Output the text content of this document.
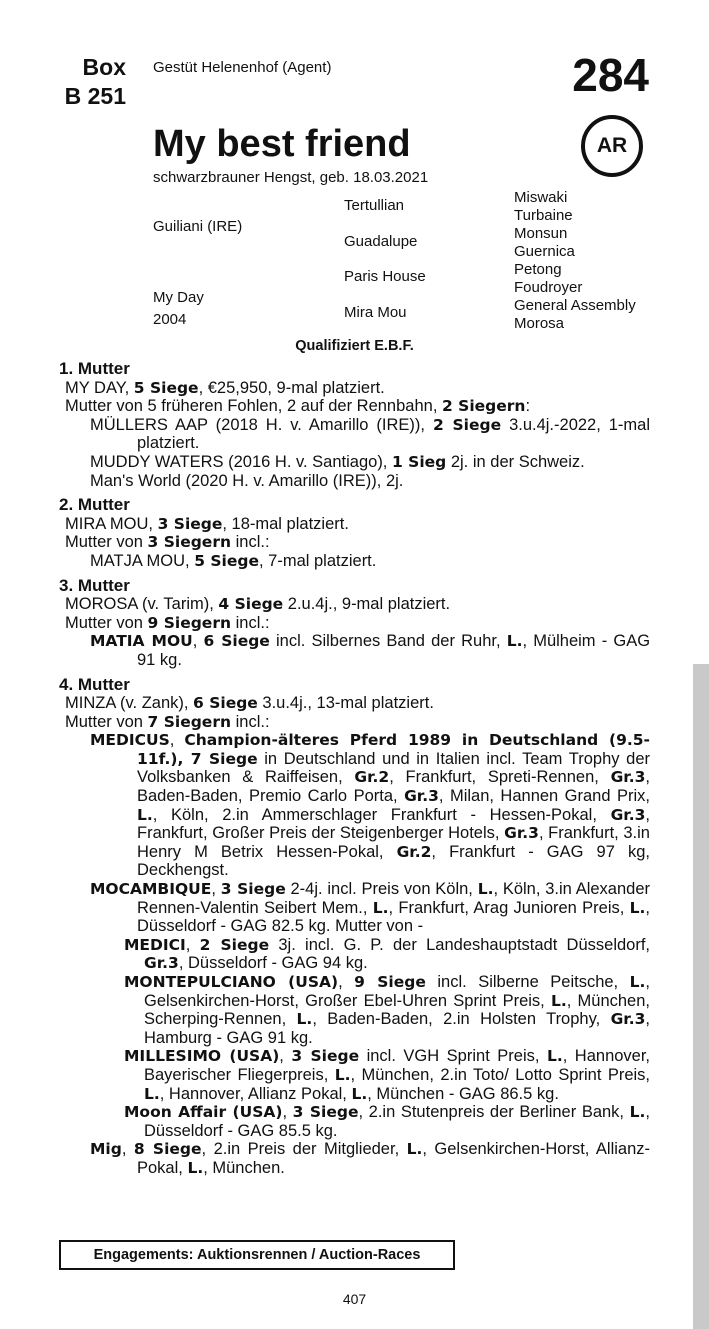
Box
B 251
Gestüt Helenenhof (Agent)	284
My best friend	AR
schwarzbrauner Hengst, geb. 18.03.2021
Guiliani (IRE)
My Day
2004
Tertullian
Guadalupe
Paris House
Mira Mou
Miswaki
Turbaine
Monsun
Guernica
Petong
Foudroyer
General Assembly
Morosa
Qualifiziert E.B.F.
1. Mutter
MY DAY, 5 Siege, €25,950, 9-mal platziert.
Mutter von 5 früheren Fohlen, 2 auf der Rennbahn, 2 Siegern:
MÜLLERS AAP (2018 H. v. Amarillo (IRE)), 2 Siege 3.u.4j.-2022, 1-mal platziert.
MUDDY WATERS (2016 H. v. Santiago), 1 Sieg 2j. in der Schweiz.
Man's World (2020 H. v. Amarillo (IRE)), 2j.
2. Mutter
MIRA MOU, 3 Siege, 18-mal platziert.
Mutter von 3 Siegern incl.:
MATJA MOU, 5 Siege, 7-mal platziert.
3. Mutter
MOROSA (v. Tarim), 4 Siege 2.u.4j., 9-mal platziert.
Mutter von 9 Siegern incl.:
MATIA MOU, 6 Siege incl. Silbernes Band der Ruhr, L., Mülheim - GAG 91 kg.
4. Mutter
MINZA (v. Zank), 6 Siege 3.u.4j., 13-mal platziert.
Mutter von 7 Siegern incl.:
MEDICUS, Champion-älteres Pferd 1989 in Deutschland (9.5-11f.), 7 Siege in Deutschland und in Italien incl. Team Trophy der Volksbanken & Raiffeisen, Gr.2, Frankfurt, Spreti-Rennen, Gr.3, Baden-Baden, Premio Carlo Porta, Gr.3, Milan, Hannen Grand Prix, L., Köln, 2.in Ammerschlager Frankfurt - Hessen-Pokal, Gr.3, Frankfurt, Großer Preis der Steigenberger Hotels, Gr.3, Frankfurt, 3.in Henry M Betrix Hessen-Pokal, Gr.2, Frankfurt - GAG 97 kg, Deckhengst.
MOCAMBIQUE, 3 Siege 2-4j. incl. Preis von Köln, L., Köln, 3.in Alexander Rennen-Valentin Seibert Mem., L., Frankfurt, Arag Junioren Preis, L., Düsseldorf - GAG 82.5 kg. Mutter von -
MEDICI, 2 Siege 3j. incl. G. P. der Landeshauptstadt Düsseldorf, Gr.3, Düsseldorf - GAG 94 kg.
MONTEPULCIANO (USA), 9 Siege incl. Silberne Peitsche, L., Gelsenkirchen-Horst, Großer Ebel-Uhren Sprint Preis, L., München, Scherping-Rennen, L., Baden-Baden, 2.in Holsten Trophy, Gr.3, Hamburg - GAG 91 kg.
MILLESIMO (USA), 3 Siege incl. VGH Sprint Preis, L., Hannover, Bayerischer Fliegerpreis, L., München, 2.in Toto/ Lotto Sprint Preis, L., Hannover, Allianz Pokal, L., München - GAG 86.5 kg.
Moon Affair (USA), 3 Siege, 2.in Stutenpreis der Berliner Bank, L., Düsseldorf - GAG 85.5 kg.
Mig, 8 Siege, 2.in Preis der Mitglieder, L., Gelsenkirchen-Horst, Allianz-Pokal, L., München.
Engagements: Auktionsrennen / Auction-Races
407
